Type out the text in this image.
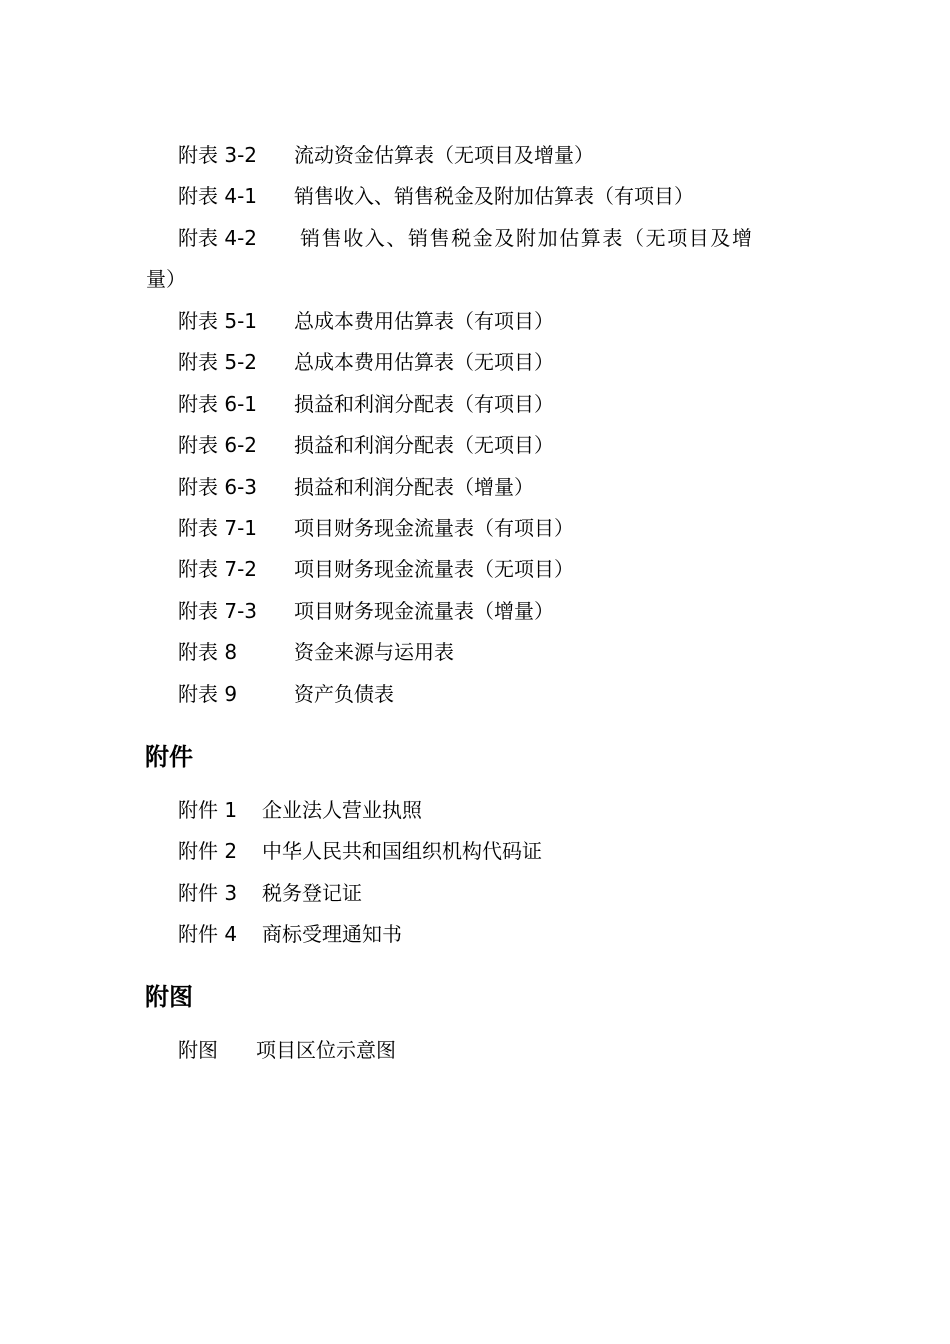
附表 3-2 流动资金估算表（无项目及增量）
附表 4-1 销售收入、销售税金及附加估算表（有项目）
附表 4-2 销售收入、销售税金及附加估算表（无项目及增
量）
附表 5-1 总成本费用估算表（有项目）
附表 5-2 总成本费用估算表（无项目）
附表 6-1 损益和利润分配表（有项目）
附表 6-2 损益和利润分配表（无项目）
附表 6-3 损益和利润分配表（增量）
附表 7-1 项目财务现金流量表（有项目）
附表 7-2 项目财务现金流量表（无项目）
附表 7-3 项目财务现金流量表（增量）
附表 8	资金来源与运用表
附表 9	资产负债表
附件
附件 1 企业法人营业执照
附件 2 中华人民共和国组织机构代码证
附件 3 税务登记证
附件 4 商标受理通知书
附图
附图 项目区位示意图
